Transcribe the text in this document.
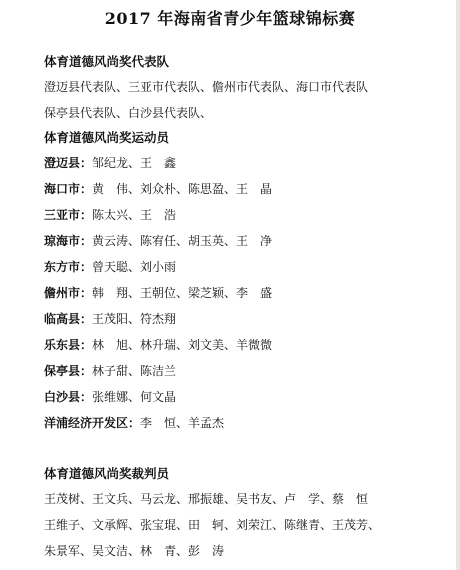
2017 年海南省青少年篮球锦标赛
体育道德风尚奖代表队
澄迈县代表队、三亚市代表队、儋州市代表队、海口市代表队
保亭县代表队、白沙县代表队、
体育道德风尚奖运动员
澄迈县：邹纪龙、王　鑫
海口市：黄　伟、刘众朴、陈思盈、王　晶
三亚市：陈太兴、王　浩
琼海市：黄云涛、陈宥任、胡玉英、王　净
东方市：曾天聪、刘小雨
儋州市：韩　翔、王朝位、梁芝颖、李　盛
临高县：王茂阳、符杰翔
乐东县：林　旭、林升瑞、刘文美、羊微微
保亭县：林子甜、陈洁兰
白沙县：张维娜、何文晶
洋浦经济开发区：李　恒、羊孟杰
体育道德风尚奖裁判员
王茂树、王文兵、马云龙、邢振雄、吴书友、卢　学、蔡　恒
王维子、文承辉、张宝琨、田　轲、刘荣江、陈继青、王茂芳、
朱景军、吴文洁、林　青、彭　涛
